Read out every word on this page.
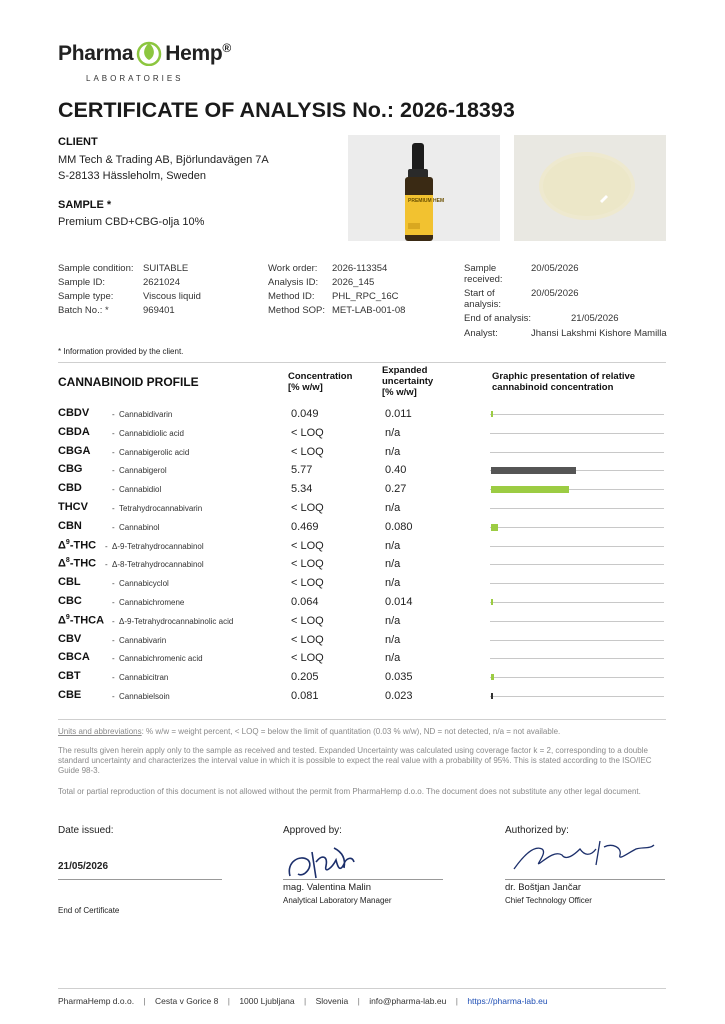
Pharma Hemp®
LABORATORIES
CERTIFICATE OF ANALYSIS No.: 2026-18393
CLIENT
MM Tech & Trading AB, Björlundavägen 7A
S-28133 Hässleholm, Sweden
SAMPLE *
Premium CBD+CBG-olja 10%
PREMIUM HEM
Sample condition: SUITABLE
Sample ID:	2621024
Sample type:	Viscous liquid
Batch No.: *	969401
Work order: 2026-113354
Analysis ID: 2026_145
Method ID: PHL_RPC_16C
Method SOP: MET-LAB-001-08
Sample
received:
20/05/2026
Start of
analysis:
20/05/2026
End of analysis:	21/05/2026
Analyst:	Jhansi Lakshmi Kishore Mamilla
* Information provided by the client.
CANNABINOID PROFILE	Concentration
[% w/w]
Expanded
uncertainty
[% w/w]
Graphic presentation of relative
cannabinoid concentration
CBDV	- Cannabidivarin	0.049	0.011
CBDA	- Cannabidiolic acid	< LOQ	n/a
CBGA	- Cannabigerolic acid	< LOQ	n/a
CBG	- Cannabigerol	5.77	0.40
CBD	- Cannabidiol	5.34	0.27
THCV	- Tetrahydrocannabivarin	< LOQ	n/a
CBN	- Cannabinol	0.469	0.080
$\Delta^9$-THC - Δ-9-Tetrahydrocannabinol	< LOQ	n/a
$\Delta^8$-THC - Δ-8-Tetrahydrocannabinol	< LOQ	n/a
CBL	- Cannabicyclol	< LOQ	n/a
CBC	- Cannabichromene	0.064	0.014
$\Delta^9$-THCA - Δ-9-Tetrahydrocannabinolic acid	< LOQ	n/a
CBV	- Cannabivarin	< LOQ	n/a
CBCA	- Cannabichromenic acid	< LOQ	n/a
CBT	- Cannabicitran	0.205	0.035
CBE	- Cannabielsoin	0.081	0.023
Units and abbreviations: % w/w = weight percent, < LOQ = below the limit of quantitation (0.03 % w/w), ND = not detected, n/a = not available.
The results given herein apply only to the sample as received and tested. Expanded Uncertainty was calculated using coverage factor k = 2, corresponding to a double standard uncertainty and characterizes the interval value in which it is possible to expect the real value with a probability of 95%. This is stated according to the ISO/IEC Guide 98-3.
Total or partial reproduction of this document is not allowed without the permit from PharmaHemp d.o.o. The document does not substitute any other legal document.
Date issued:
21/05/2026
Approved by:
mag. Valentina Malin
Analytical Laboratory Manager
Authorized by:
dr. Boštjan Jančar
Chief Technology Officer
End of Certificate
PharmaHemp d.o.o. | Cesta v Gorice 8 | 1000 Ljubljana | Slovenia | info@pharma-lab.eu | https://pharma-lab.eu
